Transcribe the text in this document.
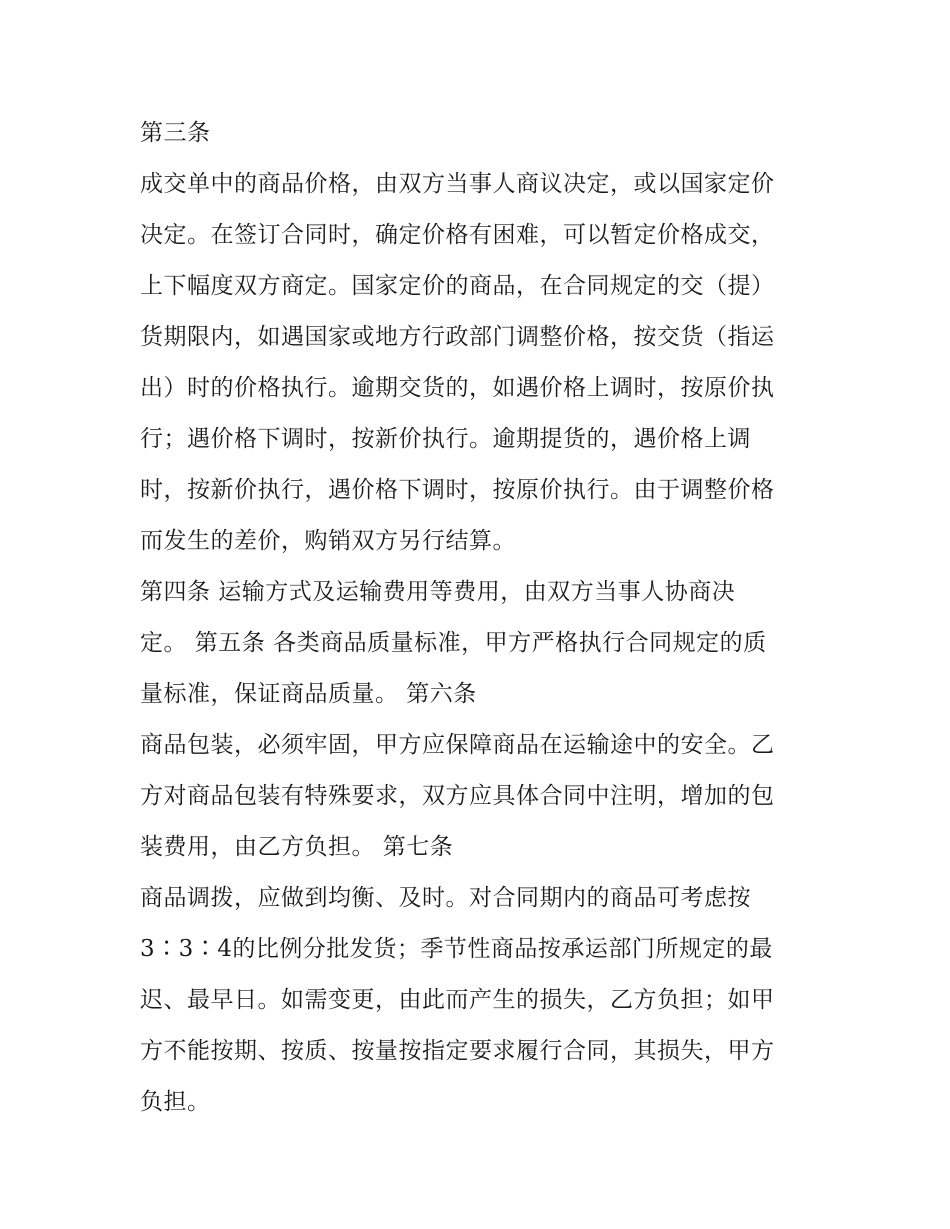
第三条
成交单中的商品价格，由双方当事人商议决定，或以国家定价
决定。在签订合同时，确定价格有困难，可以暂定价格成交，
上下幅度双方商定。国家定价的商品，在合同规定的交（提）
货期限内，如遇国家或地方行政部门调整价格，按交货（指运
出）时的价格执行。逾期交货的，如遇价格上调时，按原价执
行；遇价格下调时，按新价执行。逾期提货的，遇价格上调
时，按新价执行，遇价格下调时，按原价执行。由于调整价格
而发生的差价，购销双方另行结算。
第四条 运输方式及运输费用等费用，由双方当事人协商决
定。 第五条 各类商品质量标准，甲方严格执行合同规定的质
量标准，保证商品质量。 第六条
商品包装，必须牢固，甲方应保障商品在运输途中的安全。乙
方对商品包装有特殊要求，双方应具体合同中注明，增加的包
装费用，由乙方负担。 第七条
商品调拨，应做到均衡、及时。对合同期内的商品可考虑按
3∶3∶4的比例分批发货；季节性商品按承运部门所规定的最
迟、最早日。如需变更，由此而产生的损失，乙方负担；如甲
方不能按期、按质、按量按指定要求履行合同，其损失，甲方
负担。
